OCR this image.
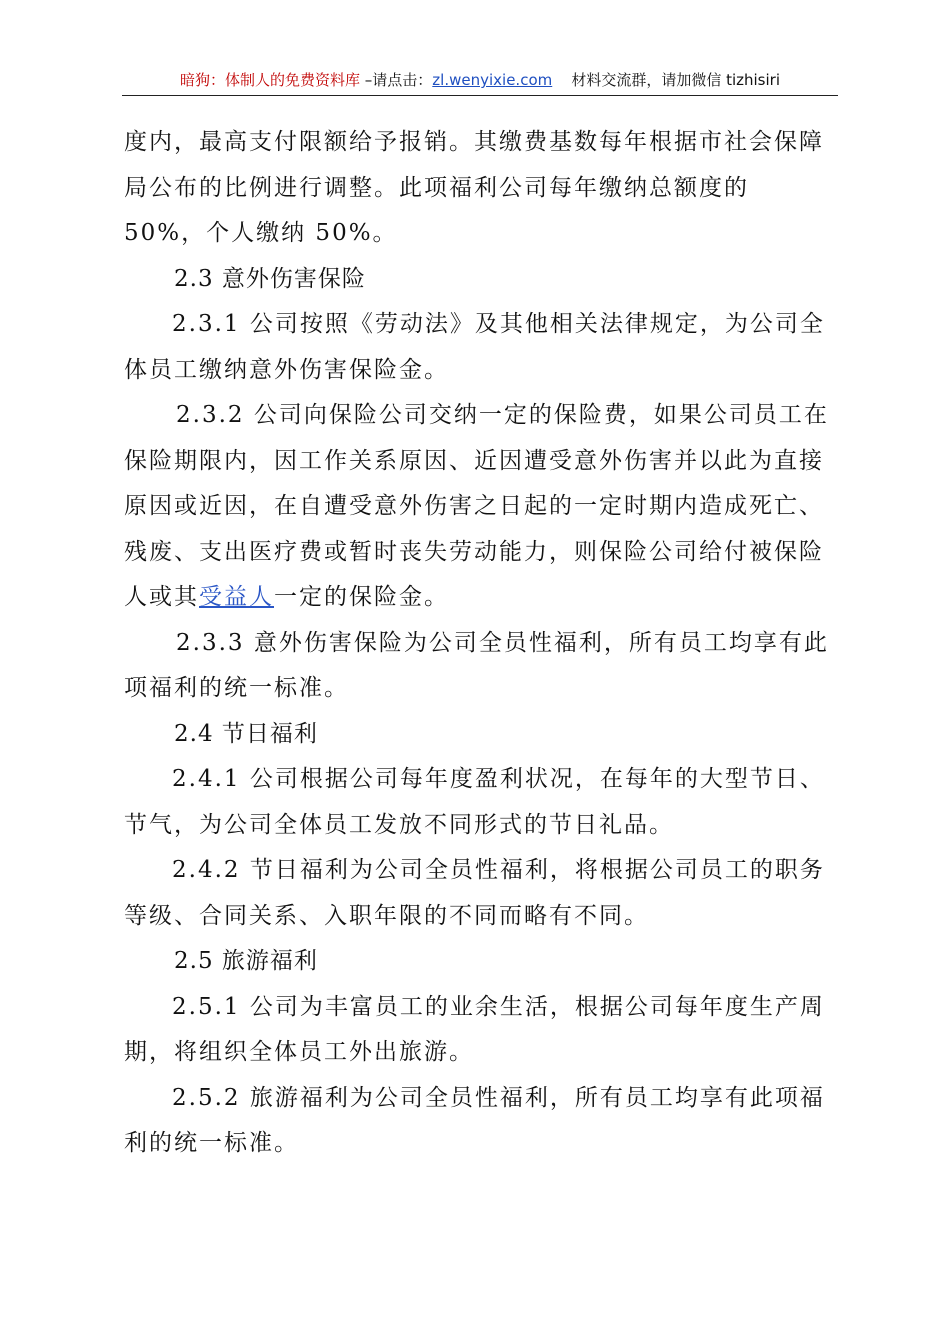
暗狗：体制人的免费资料库 –请点击：zl.wenyixie.com 材料交流群，请加微信 tizhisiri

度内，最高支付限额给予报销。其缴费基数每年根据市社会保障局公布的比例进行调整。此项福利公司每年缴纳总额度的50%，个人缴纳 50%。

2.3 意外伤害保险

2.3.1 公司按照《劳动法》及其他相关法律规定，为公司全体员工缴纳意外伤害保险金。

2.3.2 公司向保险公司交纳一定的保险费，如果公司员工在保险期限内，因工作关系原因、近因遭受意外伤害并以此为直接原因或近因，在自遭受意外伤害之日起的一定时期内造成死亡、残废、支出医疗费或暂时丧失劳动能力，则保险公司给付被保险人或其受益人一定的保险金。

2.3.3 意外伤害保险为公司全员性福利，所有员工均享有此项福利的统一标准。

2.4 节日福利

2.4.1 公司根据公司每年度盈利状况，在每年的大型节日、节气，为公司全体员工发放不同形式的节日礼品。

2.4.2 节日福利为公司全员性福利，将根据公司员工的职务等级、合同关系、入职年限的不同而略有不同。

2.5 旅游福利

2.5.1 公司为丰富员工的业余生活，根据公司每年度生产周期，将组织全体员工外出旅游。

2.5.2 旅游福利为公司全员性福利，所有员工均享有此项福利的统一标准。
